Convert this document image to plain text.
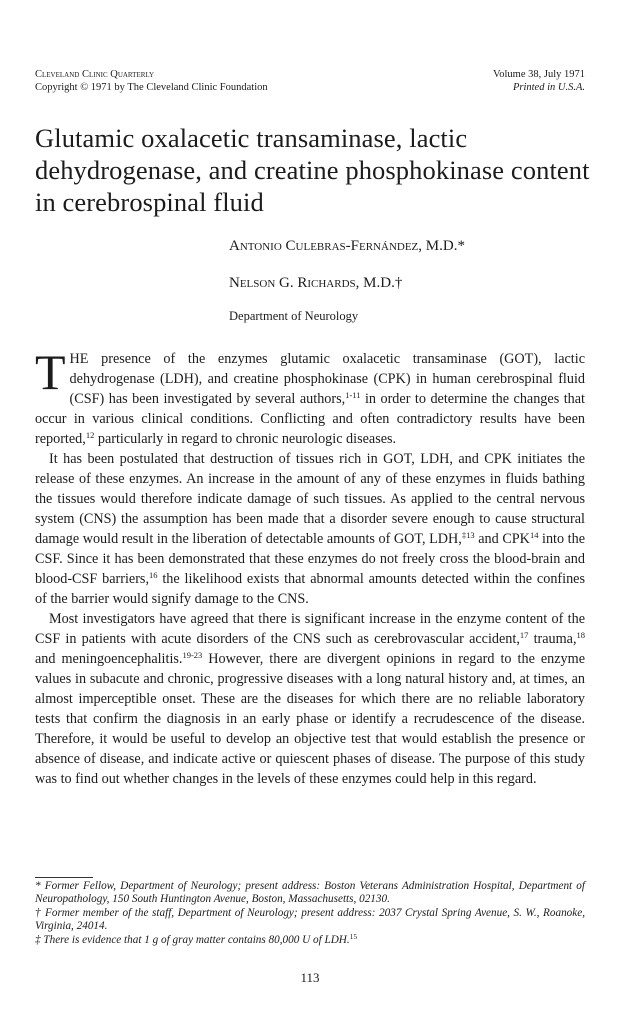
Cleveland Clinic Quarterly
Copyright © 1971 by The Cleveland Clinic Foundation
Volume 38, July 1971
Printed in U.S.A.
Glutamic oxalacetic transaminase, lactic dehydrogenase, and creatine phosphokinase content in cerebrospinal fluid
Antonio Culebras-Fernández, M.D.*
Nelson G. Richards, M.D.†
Department of Neurology

THE presence of the enzymes glutamic oxalacetic transaminase (GOT), lactic dehydrogenase (LDH), and creatine phosphokinase (CPK) in human cerebrospinal fluid (CSF) has been investigated by several authors,$^{1-11}$ in order to determine the changes that occur in various clinical conditions. Conflicting and often contradictory results have been reported,$^{12}$ particularly in regard to chronic neurologic diseases.

It has been postulated that destruction of tissues rich in GOT, LDH, and CPK initiates the release of these enzymes. An increase in the amount of any of these enzymes in fluids bathing the tissues would therefore indicate damage of such tissues. As applied to the central nervous system (CNS) the assumption has been made that a disorder severe enough to cause structural damage would result in the liberation of detectable amounts of GOT, LDH,$^{\ddagger 13}$ and CPK$^{14}$ into the CSF. Since it has been demonstrated that these enzymes do not freely cross the blood-brain and blood-CSF barriers,$^{16}$ the likelihood exists that abnormal amounts detected within the confines of the barrier would signify damage to the CNS.

Most investigators have agreed that there is significant increase in the enzyme content of the CSF in patients with acute disorders of the CNS such as cerebrovascular accident,$^{17}$ trauma,$^{18}$ and meningoencephalitis.$^{19-23}$ However, there are divergent opinions in regard to the enzyme values in subacute and chronic, progressive diseases with a long natural history and, at times, an almost imperceptible onset. These are the diseases for which there are no reliable laboratory tests that confirm the diagnosis in an early phase or identify a recrudescence of the disease. Therefore, it would be useful to develop an objective test that would establish the presence or absence of disease, and indicate active or quiescent phases of disease. The purpose of this study was to find out whether changes in the levels of these enzymes could help in this regard.

* Former Fellow, Department of Neurology; present address: Boston Veterans Administration Hospital, Department of Neuropathology, 150 South Huntington Avenue, Boston, Massachusetts, 02130.

† Former member of the staff, Department of Neurology; present address: 2037 Crystal Spring Avenue, S. W., Roanoke, Virginia, 24014.

‡ There is evidence that 1 g of gray matter contains 80,000 U of LDH.$^{15}$

113
